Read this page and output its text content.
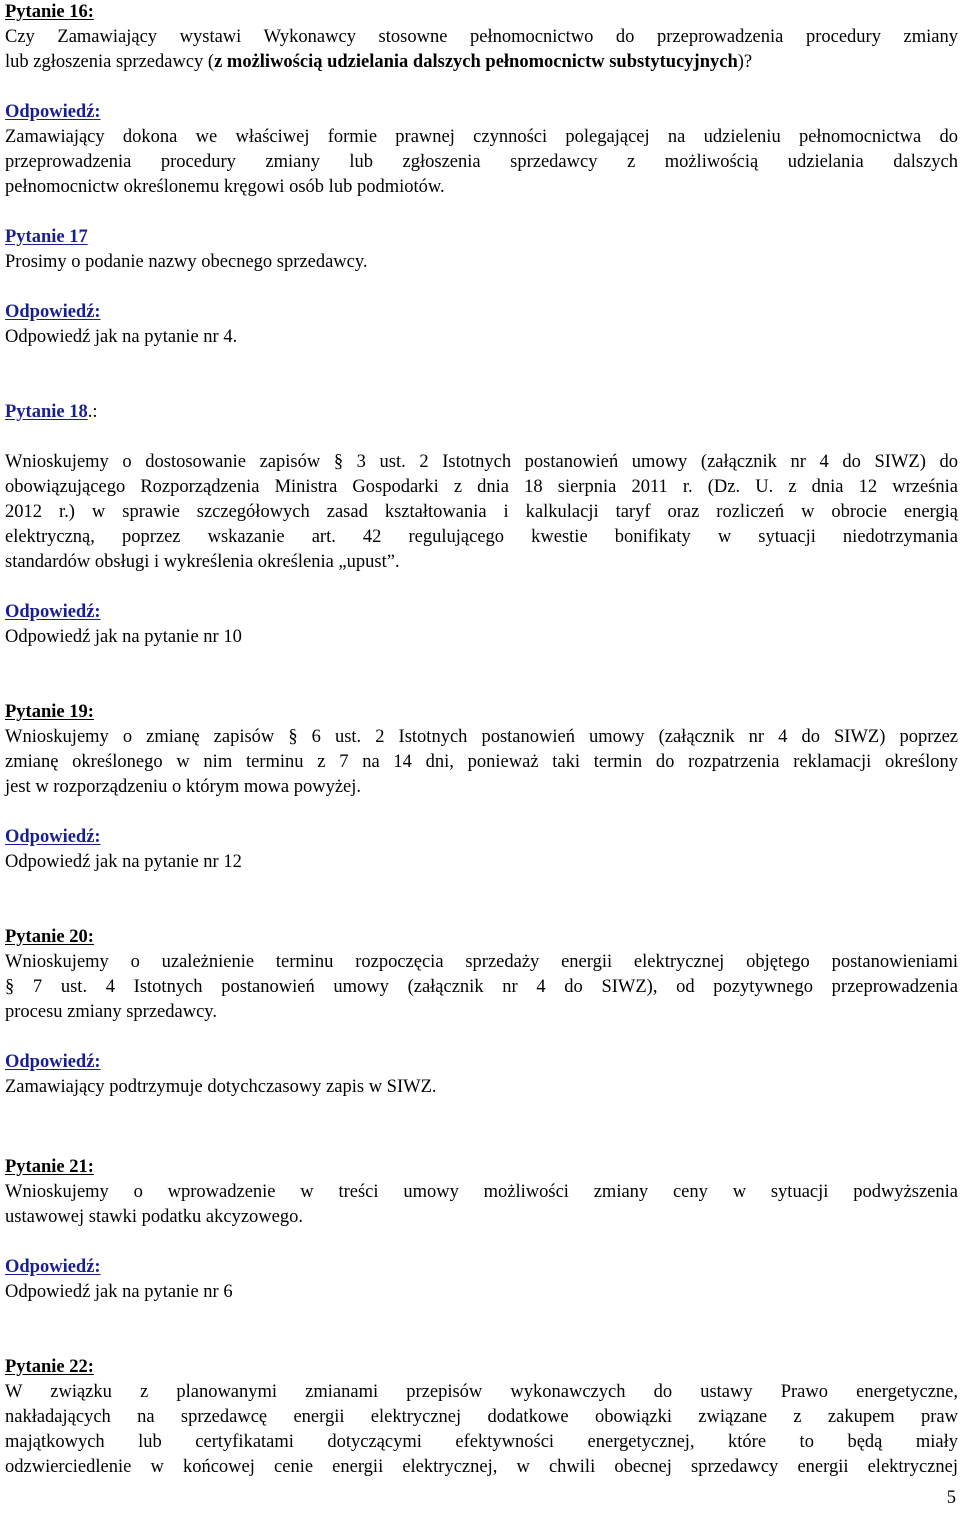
Pytanie 16:
Czy Zamawiający wystawi Wykonawcy stosowne pełnomocnictwo do przeprowadzenia procedury zmiany
lub zgłoszenia sprzedawcy (z możliwością udzielania dalszych pełnomocnictw substytucyjnych)?
Odpowiedź:
Zamawiający dokona we właściwej formie prawnej czynności polegającej na udzieleniu pełnomocnictwa do
przeprowadzenia procedury zmiany lub zgłoszenia sprzedawcy z możliwością udzielania dalszych
pełnomocnictw określonemu kręgowi osób lub podmiotów.
Pytanie 17
Prosimy o podanie nazwy obecnego sprzedawcy.
Odpowiedź:
Odpowiedź jak na pytanie nr 4.
Pytanie 18.:
Wnioskujemy o dostosowanie zapisów § 3 ust. 2 Istotnych postanowień umowy (załącznik nr 4 do SIWZ) do
obowiązującego Rozporządzenia Ministra Gospodarki z dnia 18 sierpnia 2011 r. (Dz. U. z dnia 12 września
2012 r.) w sprawie szczegółowych zasad kształtowania i kalkulacji taryf oraz rozliczeń w obrocie energią
elektryczną, poprzez wskazanie art. 42 regulującego kwestie bonifikaty w sytuacji niedotrzymania
standardów obsługi i wykreślenia określenia „upust”.
Odpowiedź:
Odpowiedź jak na pytanie nr 10
Pytanie 19:
Wnioskujemy o zmianę zapisów § 6 ust. 2 Istotnych postanowień umowy (załącznik nr 4 do SIWZ) poprzez
zmianę określonego w nim terminu z 7 na 14 dni, ponieważ taki termin do rozpatrzenia reklamacji określony
jest w rozporządzeniu o którym mowa powyżej.
Odpowiedź:
Odpowiedź jak na pytanie nr 12
Pytanie 20:
Wnioskujemy o uzależnienie terminu rozpoczęcia sprzedaży energii elektrycznej objętego postanowieniami
§ 7 ust. 4 Istotnych postanowień umowy (załącznik nr 4 do SIWZ), od pozytywnego przeprowadzenia
procesu zmiany sprzedawcy.
Odpowiedź:
Zamawiający podtrzymuje dotychczasowy zapis w SIWZ.
Pytanie 21:
Wnioskujemy o wprowadzenie w treści umowy możliwości zmiany ceny w sytuacji podwyższenia
ustawowej stawki podatku akcyzowego.
Odpowiedź:
Odpowiedź jak na pytanie nr 6
Pytanie 22:
W związku z planowanymi zmianami przepisów wykonawczych do ustawy Prawo energetyczne,
nakładających na sprzedawcę energii elektrycznej dodatkowe obowiązki związane z zakupem praw
majątkowych lub certyfikatami dotyczącymi efektywności energetycznej, które to będą miały
odzwierciedlenie w końcowej cenie energii elektrycznej, w chwili obecnej sprzedawcy energii elektrycznej
5
